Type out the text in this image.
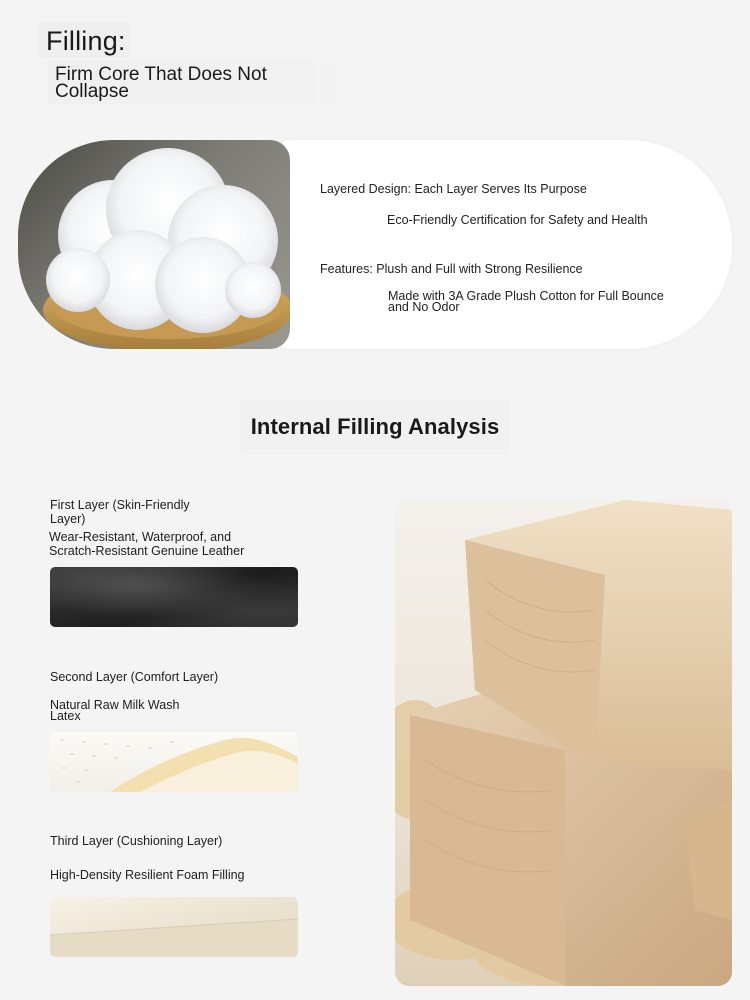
Filling:
Firm Core That Does Not
Collapse
Layered Design: Each Layer Serves Its Purpose
Eco-Friendly Certification for Safety and Health
Features: Plush and Full with Strong Resilience
Made with 3A Grade Plush Cotton for Full Bounce
and No Odor
Internal Filling Analysis
First Layer (Skin-Friendly
Layer)
Wear-Resistant, Waterproof, and
Scratch-Resistant Genuine Leather
Second Layer (Comfort Layer)
Natural Raw Milk Wash
Latex
Third Layer (Cushioning Layer)
High-Density Resilient Foam Filling
